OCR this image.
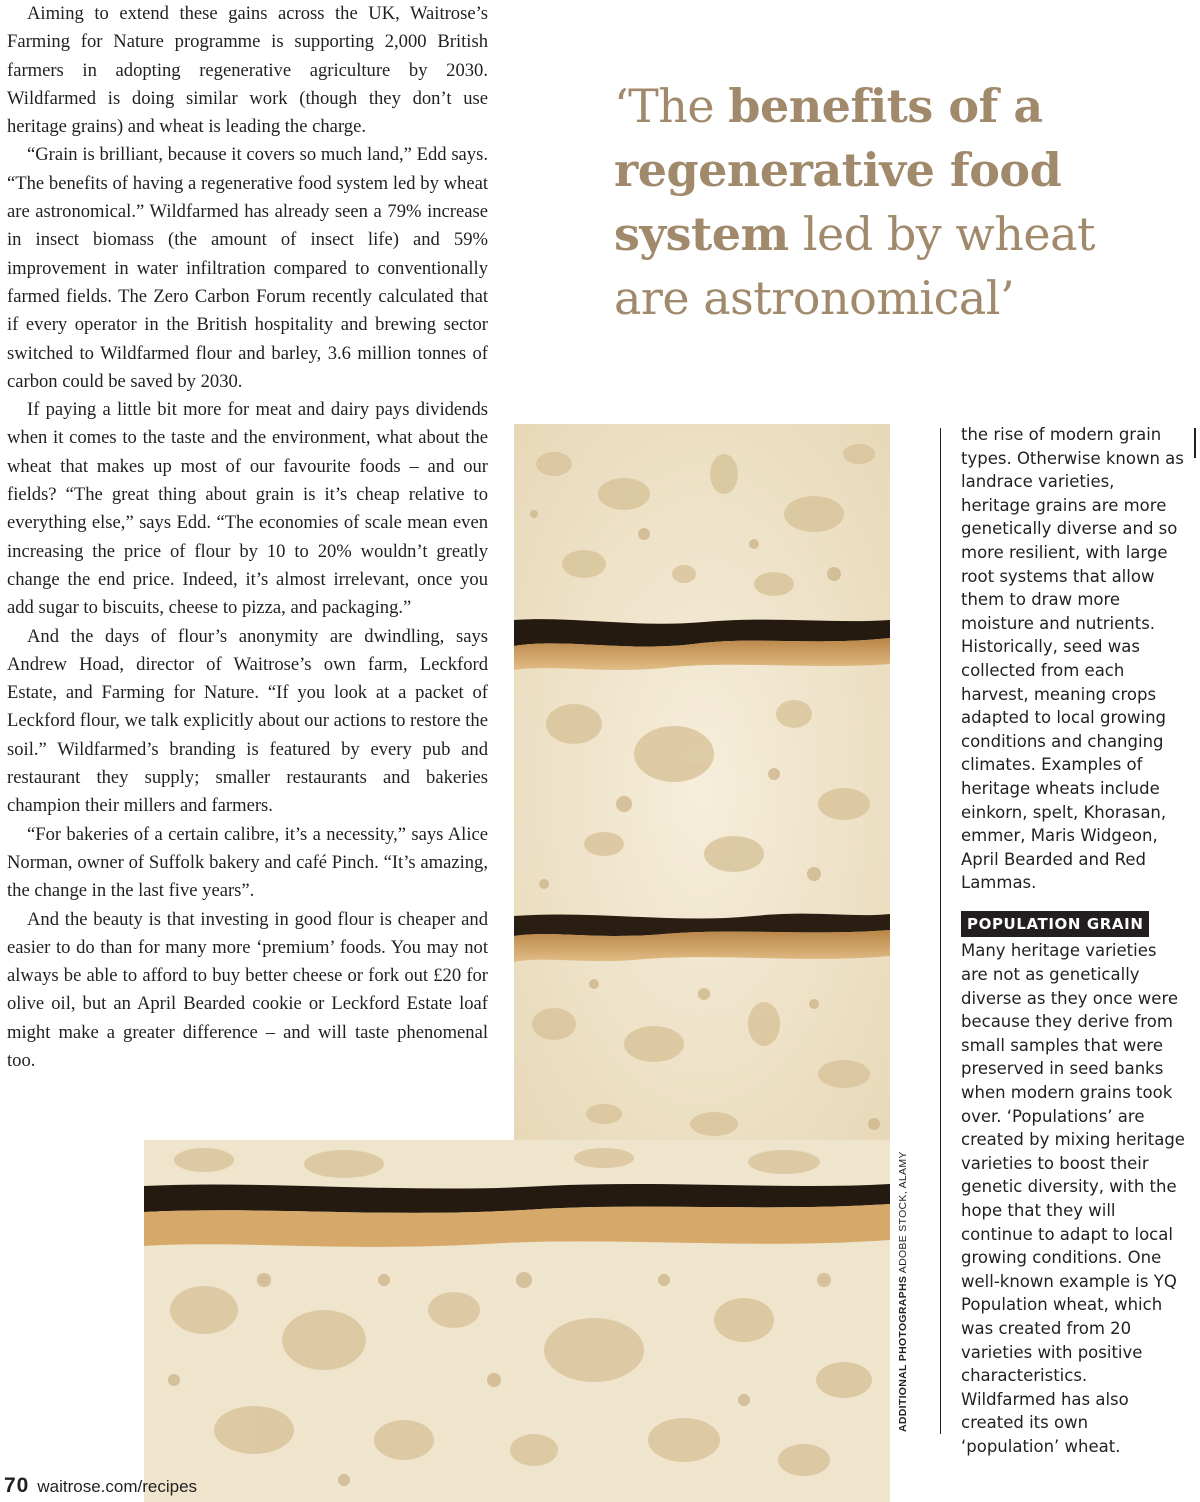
Aiming to extend these gains across the UK, Waitrose’s Farming for Nature programme is supporting 2,000 British farmers in adopting regenerative agriculture by 2030. Wildfarmed is doing similar work (though they don’t use heritage grains) and wheat is leading the charge.

“Grain is brilliant, because it covers so much land,” Edd says. “The benefits of having a regenerative food system led by wheat are astronomical.” Wildfarmed has already seen a 79% increase in insect biomass (the amount of insect life) and 59% improvement in water infiltration compared to conventionally farmed fields. The Zero Carbon Forum recently calculated that if every operator in the British hospitality and brewing sector switched to Wildfarmed flour and barley, 3.6 million tonnes of carbon could be saved by 2030.

If paying a little bit more for meat and dairy pays dividends when it comes to the taste and the environment, what about the wheat that makes up most of our favourite foods – and our fields? “The great thing about grain is it’s cheap relative to everything else,” says Edd. “The economies of scale mean even increasing the price of flour by 10 to 20% wouldn’t greatly change the end price. Indeed, it’s almost irrelevant, once you add sugar to biscuits, cheese to pizza, and packaging.”

And the days of flour’s anonymity are dwindling, says Andrew Hoad, director of Waitrose’s own farm, Leckford Estate, and Farming for Nature. “If you look at a packet of Leckford flour, we talk explicitly about our actions to restore the soil.” Wildfarmed’s branding is featured by every pub and restaurant they supply; smaller restaurants and bakeries champion their millers and farmers.

“For bakeries of a certain calibre, it’s a necessity,” says Alice Norman, owner of Suffolk bakery and café Pinch. “It’s amazing, the change in the last five years”.

And the beauty is that investing in good flour is cheaper and easier to do than for many more ‘premium’ foods. You may not always be able to afford to buy better cheese or fork out £20 for olive oil, but an April Bearded cookie or Leckford Estate loaf might make a greater difference – and will taste phenomenal too.

‘The benefits of a regenerative food system led by wheat are astronomical’
ADDITIONAL PHOTOGRAPHS ADOBE STOCK, ALAMY

the rise of modern grain types. Otherwise known as landrace varieties, heritage grains are more genetically diverse and so more resilient, with large root systems that allow them to draw more moisture and nutrients. Historically, seed was collected from each harvest, meaning crops adapted to local growing conditions and changing climates. Examples of heritage wheats include einkorn, spelt, Khorasan, emmer, Maris Widgeon, April Bearded and Red Lammas.

POPULATION GRAIN

Many heritage varieties are not as genetically diverse as they once were because they derive from small samples that were preserved in seed banks when modern grains took over. ‘Populations’ are created by mixing heritage varieties to boost their genetic diversity, with the hope that they will continue to adapt to local growing conditions. One well-known example is YQ Population wheat, which was created from 20 varieties with positive characteristics. Wildfarmed has also created its own ‘population’ wheat.

70 waitrose.com/recipes
